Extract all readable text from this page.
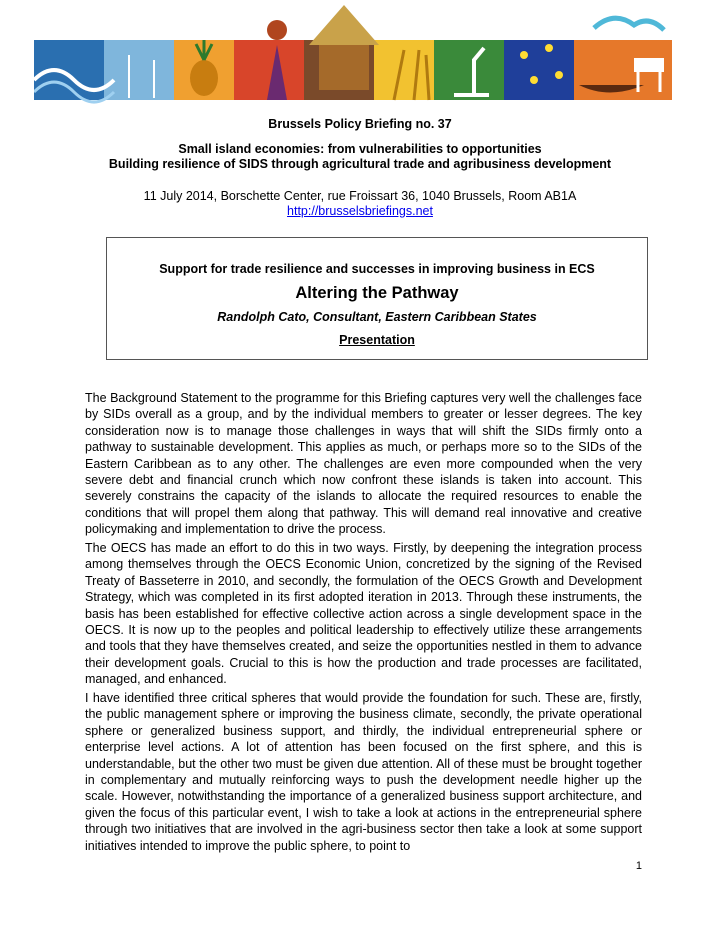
Brussels Policy Briefing no. 37
Small island economies: from vulnerabilities to opportunities
Building resilience of SIDS through agricultural trade and agribusiness development
11 July 2014, Borschette Center, rue Froissart 36, 1040 Brussels, Room AB1A
http://brusselsbriefings.net
Support for trade resilience and successes in improving business in ECS
Altering the Pathway
Randolph Cato, Consultant, Eastern Caribbean States
Presentation

The Background Statement to the programme for this Briefing captures very well the challenges face by SIDs overall as a group, and by the individual members to greater or lesser degrees. The key consideration now is to manage those challenges in ways that will shift the SIDs firmly onto a pathway to sustainable development. This applies as much, or perhaps more so to the SIDs of the Eastern Caribbean as to any other. The challenges are even more compounded when the very severe debt and financial crunch which now confront these islands is taken into account. This severely constrains the capacity of the islands to allocate the required resources to enable the conditions that will propel them along that pathway. This will demand real innovative and creative policymaking and implementation to drive the process.

The OECS has made an effort to do this in two ways. Firstly, by deepening the integration process among themselves through the OECS Economic Union, concretized by the signing of the Revised Treaty of Basseterre in 2010, and secondly, the formulation of the OECS Growth and Development Strategy, which was completed in its first adopted iteration in 2013. Through these instruments, the basis has been established for effective collective action across a single development space in the OECS. It is now up to the peoples and political leadership to effectively utilize these arrangements and tools that they have themselves created, and seize the opportunities nestled in them to advance their development goals. Crucial to this is how the production and trade processes are facilitated, managed, and enhanced.

I have identified three critical spheres that would provide the foundation for such. These are, firstly, the public management sphere or improving the business climate, secondly, the private operational sphere or generalized business support, and thirdly, the individual entrepreneurial sphere or enterprise level actions. A lot of attention has been focused on the first sphere, and this is understandable, but the other two must be given due attention. All of these must be brought together in complementary and mutually reinforcing ways to push the development needle higher up the scale. However, notwithstanding the importance of a generalized business support architecture, and given the focus of this particular event, I wish to take a look at actions in the entrepreneurial sphere through two initiatives that are involved in the agri-business sector then take a look at some support initiatives intended to improve the public sphere, to point to

1
